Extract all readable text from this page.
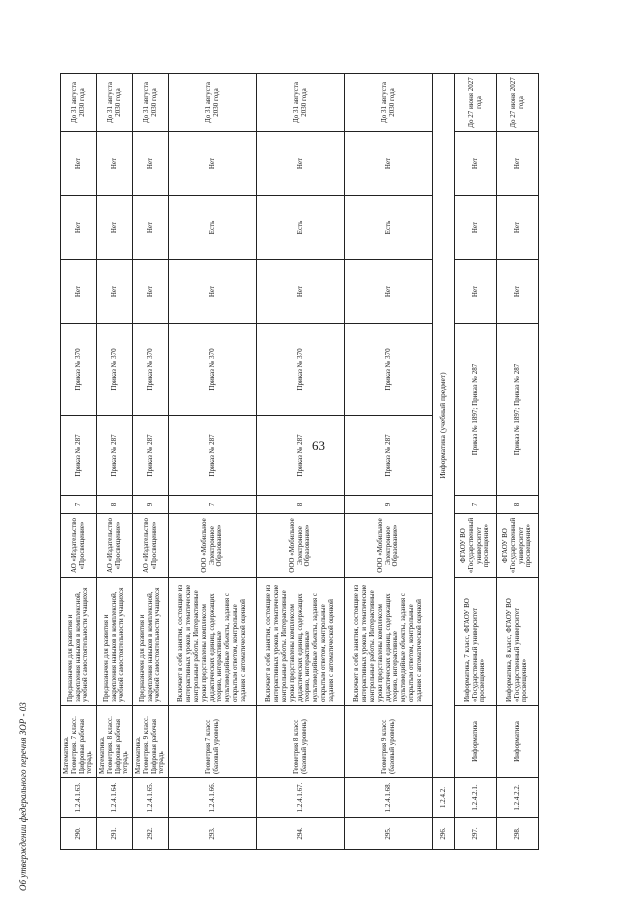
63
Об утверждении федерального перечня ЗОР - 03	290.	1.2.4.1.63.	Математика. Геометрия. 7 класс. Цифровая рабочая тетрадь	Предназначен для развития и закрепления навыков в комплексной, учебной самостоятельности учащихся	АО «Издательство «Просвещение»	7	Приказ № 287	Приказ № 370	Нет	Нет	Нет	До 31 августа 2030 года
291.	1.2.4.1.64.	Математика. Геометрия. 8 класс. Цифровая рабочая тетрадь	Предназначен для развития и закрепления навыков в комплексной, учебной самостоятельности учащихся	АО «Издательство «Просвещение»	8	Приказ № 287	Приказ № 370	Нет	Нет	Нет	До 31 августа 2030 года
292.	1.2.4.1.65.	Математика. Геометрия. 9 класс. Цифровая рабочая тетрадь	Предназначен для развития и закрепления навыков в комплексной, учебной самостоятельности учащихся	АО «Издательство «Просвещение»	9	Приказ № 287	Приказ № 370	Нет	Нет	Нет	До 31 августа 2030 года
293.	1.2.4.1.66.	Геометрия 7 класс (базовый уровень)	Включает в себя занятия, состоящие из интерактивных уроков, и тематические контрольные работы. Интерактивные уроки представлены комплексом дидактических единиц, содержащих теорию, интерактивные мультимедийные объекты, задания с открытым ответом, контрольные задания с автоматической оценкой	ООО «Мобильное Электронное Образование»	7	Приказ № 287	Приказ № 370	Нет	Есть	Нет	До 31 августа 2030 года
294.	1.2.4.1.67.	Геометрия 8 класс (базовый уровень)	Включает в себя занятия, состоящие из интерактивных уроков, и тематические контрольные работы. Интерактивные уроки представлены комплексом дидактических единиц, содержащих теорию, интерактивные мультимедийные объекты, задания с открытым ответом, контрольные задания с автоматической оценкой	ООО «Мобильное Электронное Образование»	8	Приказ № 287	Приказ № 370	Нет	Есть	Нет	До 31 августа 2030 года
295.	1.2.4.1.68.	Геометрия 9 класс (базовый уровень)	Включает в себя занятия, состоящие из интерактивных уроков, и тематические контрольные работы. Интерактивные уроки представлены комплексом дидактических единиц, содержащих теорию, интерактивные мультимедийные объекты, задания с открытым ответом, контрольные задания с автоматической оценкой	ООО «Мобильное Электронное Образование»	9	Приказ № 287	Приказ № 370	Нет	Есть	Нет	До 31 августа 2030 года
296.	1.2.4.2.	Информатика (учебный предмет)									
297.	1.2.4.2.1.	Информатика	Информатика, 7 класс, ФГАОУ ВО «Государственный университет просвещения»	ФГАОУ ВО «Государственный университет просвещения»	7	Приказ № 1897; Приказ № 287		Нет	Нет	Нет	До 27 июня 2027 года
298.	1.2.4.2.2.	Информатика	Информатика, 8 класс, ФГАОУ ВО «Государственный университет просвещения»	ФГАОУ ВО «Государственный университет просвещения»	8	Приказ № 1897; Приказ № 287		Нет	Нет	Нет	До 27 июня 2027 года
